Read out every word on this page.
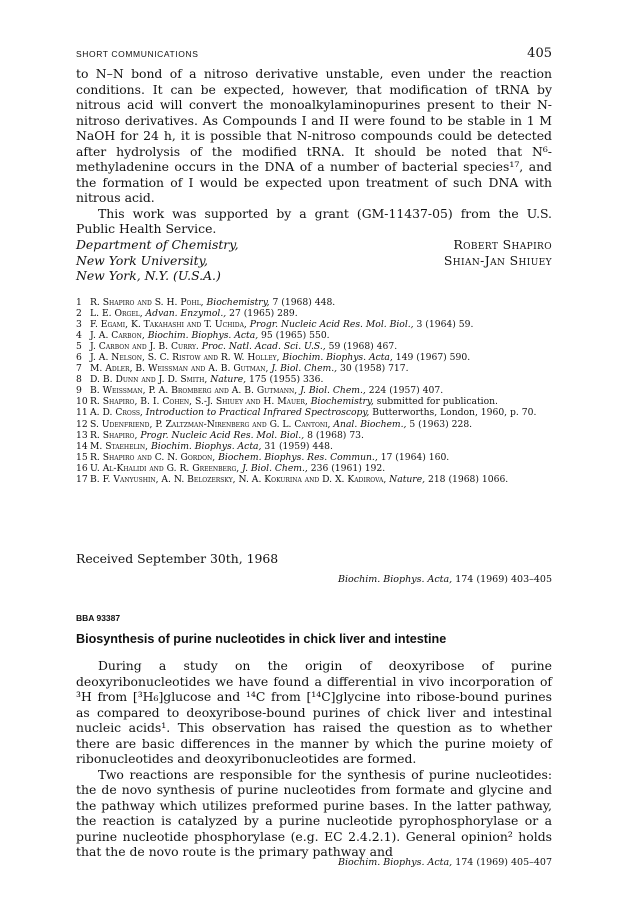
SHORT COMMUNICATIONS	405

to N–N bond of a nitroso derivative unstable, even under the reaction conditions. It can be expected, however, that modification of tRNA by nitrous acid will convert the monoalkylaminopurines present to their N-nitroso derivatives. As Compounds I and II were found to be stable in 1 M NaOH for 24 h, it is possible that N-nitroso compounds could be detected after hydrolysis of the modified tRNA. It should be noted that N⁶-methyladenine occurs in the DNA of a number of bacterial species¹⁷, and the formation of I would be expected upon treatment of such DNA with nitrous acid.

This work was supported by a grant (GM-11437-05) from the U.S. Public Health Service.

Department of Chemistry,	Robert Shapiro
New York University,	Shian-Jan Shiuey
New York, N.Y. (U.S.A.)
1 R. Shapiro and S. H. Pohl, Biochemistry, 7 (1968) 448.
2 L. E. Orgel, Advan. Enzymol., 27 (1965) 289.
3 F. Egami, K. Takahashi and T. Uchida, Progr. Nucleic Acid Res. Mol. Biol., 3 (1964) 59.
4 J. A. Carbon, Biochim. Biophys. Acta, 95 (1965) 550.
5 J. Carbon and J. B. Curry. Proc. Natl. Acad. Sci. U.S., 59 (1968) 467.
6 J. A. Nelson, S. C. Ristow and R. W. Holley, Biochim. Biophys. Acta, 149 (1967) 590.
7 M. Adler, B. Weissman and A. B. Gutman, J. Biol. Chem., 30 (1958) 717.
8 D. B. Dunn and J. D. Smith, Nature, 175 (1955) 336.
9 B. Weissman, P. A. Bromberg and A. B. Gutmann, J. Biol. Chem., 224 (1957) 407.
10 R. Shapiro, B. I. Cohen, S.-J. Shiuey and H. Mauer, Biochemistry, submitted for publication.
11 A. D. Cross, Introduction to Practical Infrared Spectroscopy, Butterworths, London, 1960, p. 70.
12 S. Udenfriend, P. Zaltzman-Nirenberg and G. L. Cantoni, Anal. Biochem., 5 (1963) 228.
13 R. Shapiro, Progr. Nucleic Acid Res. Mol. Biol., 8 (1968) 73.
14 M. Staehelin, Biochim. Biophys. Acta, 31 (1959) 448.
15 R. Shapiro and C. N. Gordon, Biochem. Biophys. Res. Commun., 17 (1964) 160.
16 U. Al-Khalidi and G. R. Greenberg, J. Biol. Chem., 236 (1961) 192.
17 B. F. Vanyushin, A. N. Belozersky, N. A. Kokurina and D. X. Kadirova, Nature, 218 (1968) 1066.
Received September 30th, 1968
Biochim. Biophys. Acta, 174 (1969) 403–405
BBA 93387
Biosynthesis of purine nucleotides in chick liver and intestine

During a study on the origin of deoxyribose of purine deoxyribonucleotides we have found a differential in vivo incorporation of ³H from [³H₆]glucose and ¹⁴C from [¹⁴C]glycine into ribose-bound purines as compared to deoxyribose-bound purines of chick liver and intestinal nucleic acids¹. This observation has raised the question as to whether there are basic differences in the manner by which the purine moiety of ribonucleotides and deoxyribonucleotides are formed.

Two reactions are responsible for the synthesis of purine nucleotides: the de novo synthesis of purine nucleotides from formate and glycine and the pathway which utilizes preformed purine bases. In the latter pathway, the reaction is catalyzed by a purine nucleotide pyrophosphorylase or a purine nucleotide phosphorylase (e.g. EC 2.4.2.1). General opinion² holds that the de novo route is the primary pathway and

Biochim. Biophys. Acta, 174 (1969) 405–407
